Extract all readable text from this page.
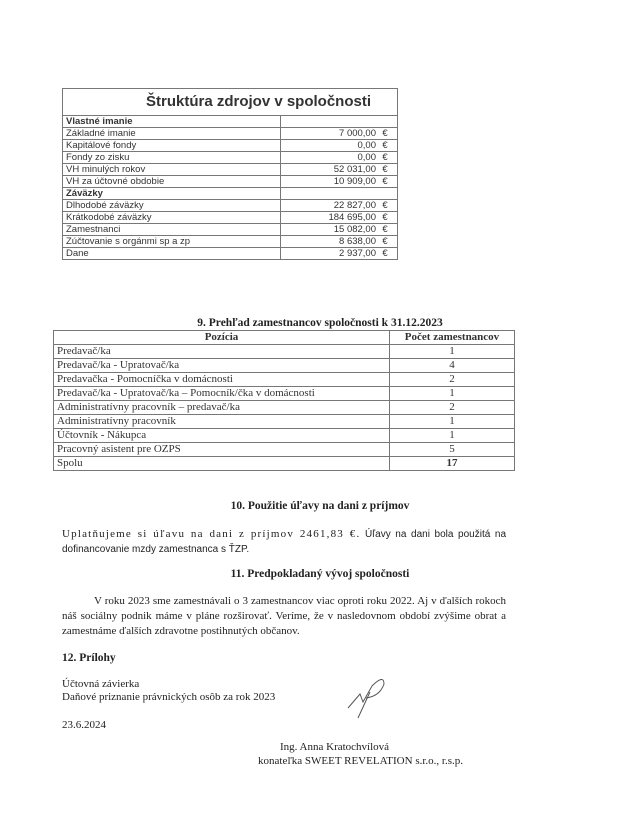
Štruktúra zdrojov v spoločnosti	
Vlastné imanie	
Základné imanie	7 000,00 €
Kapitálové fondy	0,00 €
Fondy zo zisku	0,00 €
VH minulých rokov	52 031,00 €
VH za účtovné obdobie	10 909,00 €
Záväzky	
Dlhodobé záväzky	22 827,00 €
Krátkodobé záväzky	184 695,00 €
Zamestnanci	15 082,00 €
Zúčtovanie s orgánmi sp a zp	8 638,00 €
Dane	2 937,00 €
9. Prehľad zamestnancov spoločnosti k 31.12.2023
Pozícia	Počet zamestnancov
Predavač/ka	1
Predavač/ka - Upratovač/ka	4
Predavačka - Pomocníčka v domácnosti	2
Predavač/ka - Upratovač/ka – Pomocník/čka v domácnosti	1
Administratívny pracovník – predavač/ka	2
Administratívny pracovník	1
Účtovník - Nákupca	1
Pracovný asistent pre OZPS	5
Spolu	17
10. Použitie úľavy na dani z príjmov
Uplatňujeme si úľavu na dani z príjmov 2461,83 €. Úľavy na dani bola použitá na dofinancovanie mzdy zamestnanca s ŤZP.
11. Predpokladaný vývoj spoločnosti
V roku 2023 sme zamestnávali o 3 zamestnancov viac oproti roku 2022. Aj v ďalších rokoch náš sociálny podnik máme v pláne rozširovať. Veríme, že v nasledovnom období zvýšime obrat a zamestnáme ďalších zdravotne postihnutých občanov.
12. Prílohy
Účtovná závierka
Daňové priznanie právnických osôb za rok 2023
23.6.2024
Ing. Anna Kratochvílová
konateľka SWEET REVELATION s.r.o., r.s.p.
